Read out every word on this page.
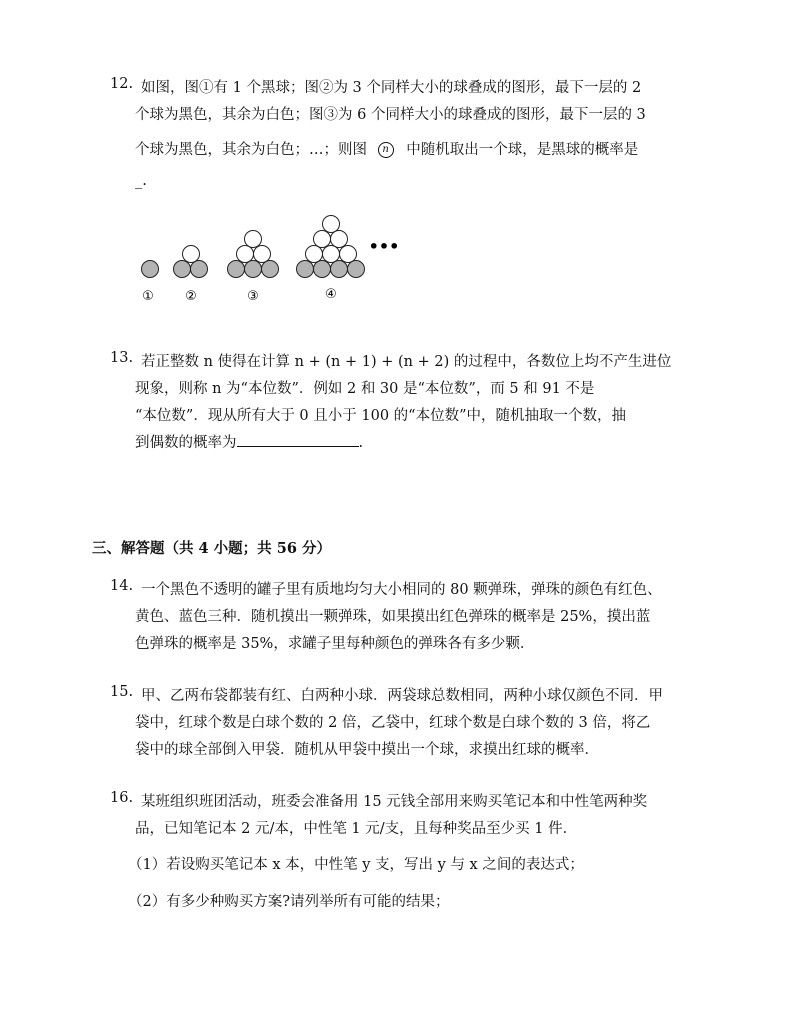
12. 如图，图①有 1 个黑球；图②为 3 个同样大小的球叠成的图形，最下一层的 2
个球为黑色，其余为白色；图③为 6 个同样大小的球叠成的图形，最下一层的 3
个球为黑色，其余为白色；…；则图 n 中随机取出一个球，是黑球的概率是
_.
① ②	③	④
•••
13. 若正整数 n 使得在计算 n + (n + 1) + (n + 2) 的过程中，各数位上均不产生进位
现象，则称 n 为“本位数”．例如 2 和 30 是“本位数”，而 5 和 91 不是
“本位数”．现从所有大于 0 且小于 100 的“本位数”中，随机抽取一个数，抽
到偶数的概率为	.
三、解答题（共 4 小题；共 56 分）
14. 一个黑色不透明的罐子里有质地均匀大小相同的 80 颗弹珠，弹珠的颜色有红色、
黄色、蓝色三种．随机摸出一颗弹珠，如果摸出红色弹珠的概率是 25%，摸出蓝
色弹珠的概率是 35%，求罐子里每种颜色的弹珠各有多少颗．
15. 甲、乙两布袋都装有红、白两种小球．两袋球总数相同，两种小球仅颜色不同．甲
袋中，红球个数是白球个数的 2 倍，乙袋中，红球个数是白球个数的 3 倍，将乙
袋中的球全部倒入甲袋．随机从甲袋中摸出一个球，求摸出红球的概率．
16. 某班组织班团活动，班委会准备用 15 元钱全部用来购买笔记本和中性笔两种奖
品，已知笔记本 2 元/本，中性笔 1 元/支，且每种奖品至少买 1 件．
（1）若设购买笔记本 x 本，中性笔 y 支，写出 y 与 x 之间的表达式；
（2）有多少种购买方案?请列举所有可能的结果；
